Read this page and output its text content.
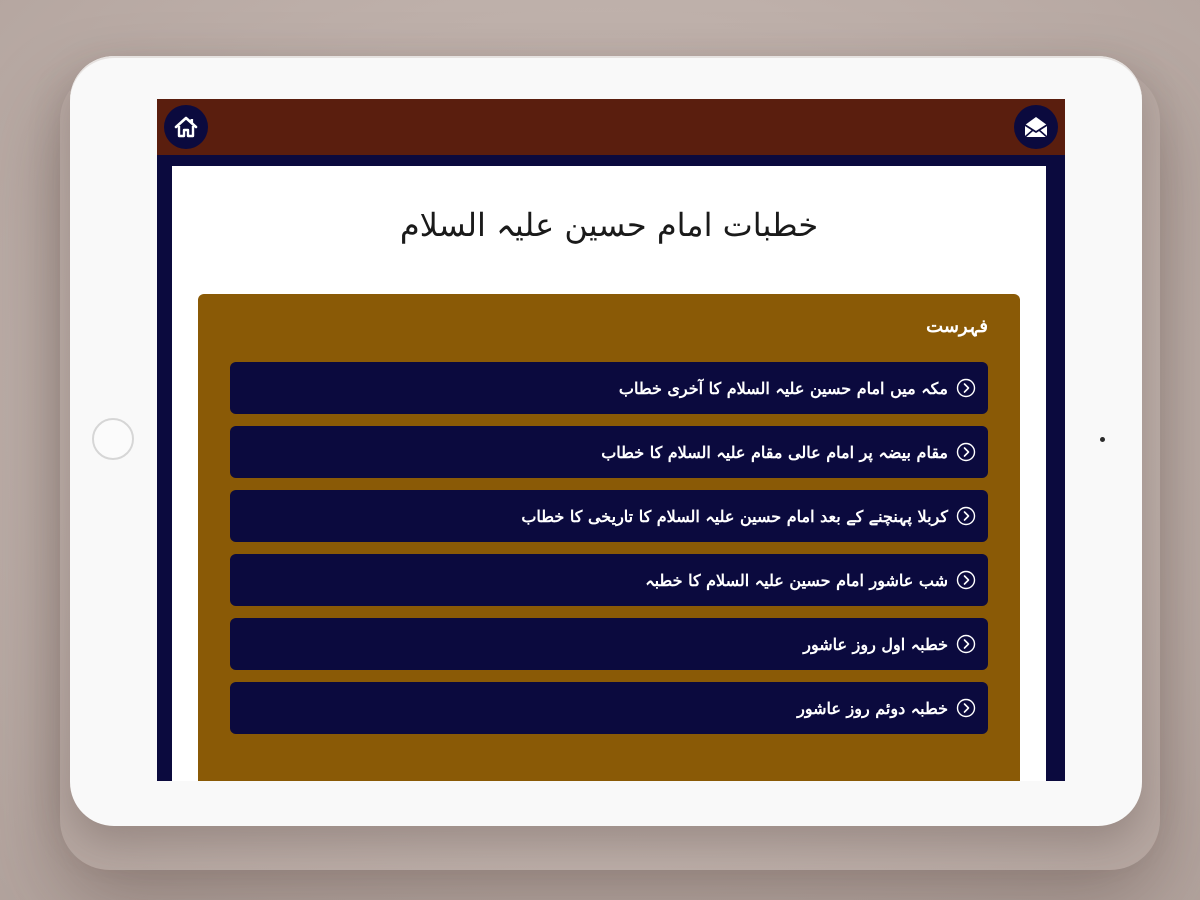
خطبات امام حسین علیہ السلام
فہرست
مکہ میں امام حسین علیہ السلام کا آخری خطاب
مقام بیضہ پر امام عالی مقام علیہ السلام کا خطاب
کربلا پہنچنے کے بعد امام حسین علیہ السلام کا تاریخی کا خطاب
شب عاشور امام حسین علیہ السلام کا خطبہ
خطبہ اول روز عاشور
خطبہ دوئم روز عاشور
